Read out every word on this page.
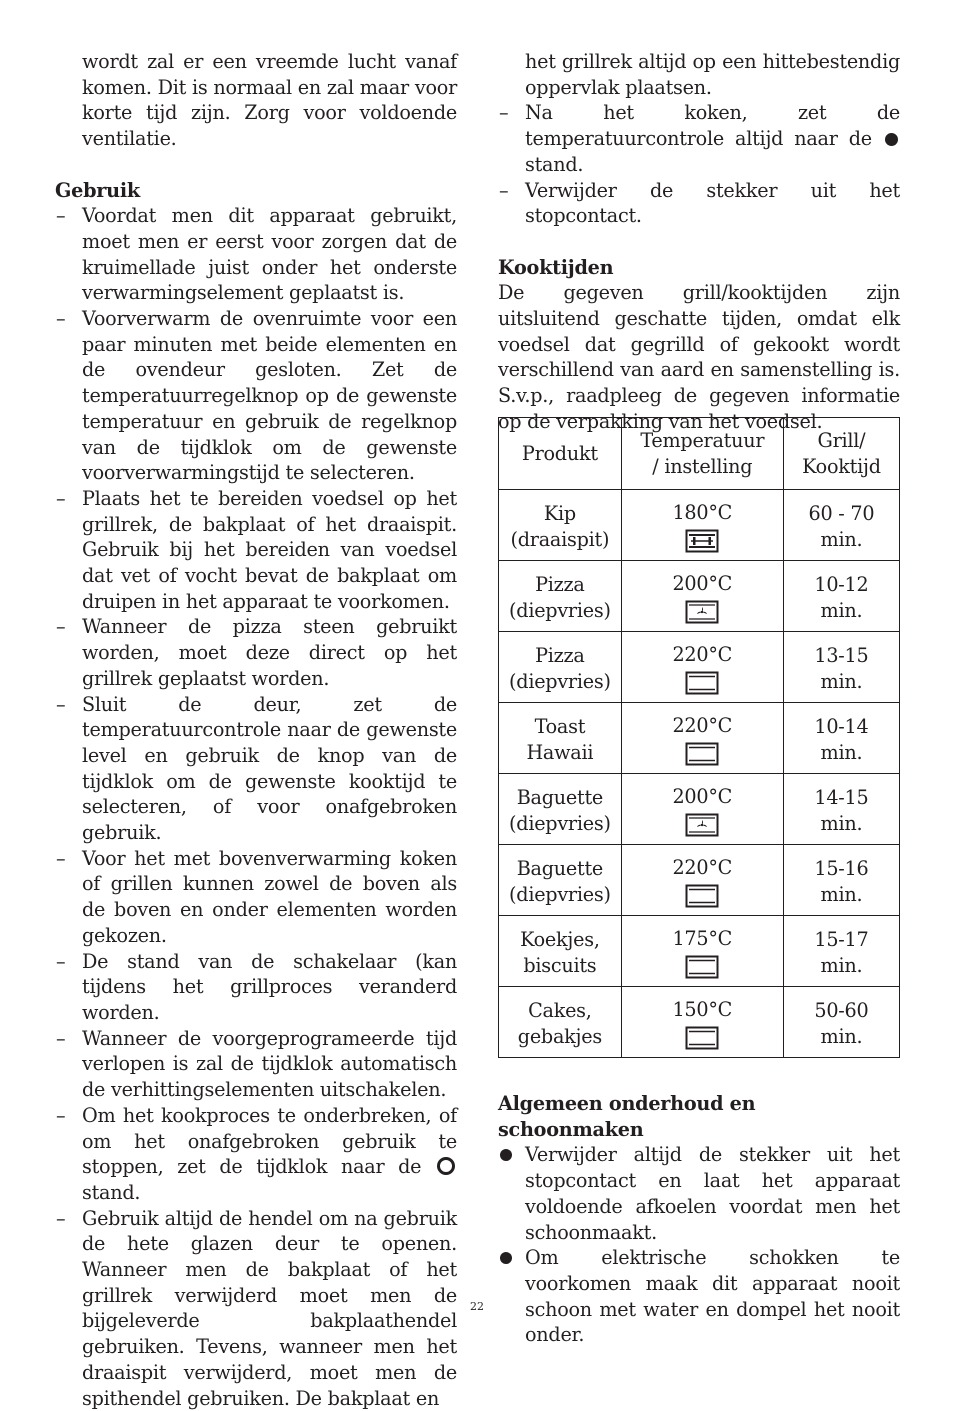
wordt zal er een vreemde lucht vanaf komen. Dit is normaal en zal maar voor korte tijd zijn. Zorg voor voldoende ventilatie.

Gebruik

– Voordat men dit apparaat gebruikt, moet men er eerst voor zorgen dat de kruimellade juist onder het onderste verwarmingselement geplaatst is.
– Voorverwarm de ovenruimte voor een paar minuten met beide elementen en de ovendeur gesloten. Zet de temperatuurregelknop op de gewenste temperatuur en gebruik de regelknop van de tijdklok om de gewenste voorverwarmingstijd te selecteren.
– Plaats het te bereiden voedsel op het grillrek, de bakplaat of het draaispit. Gebruik bij het bereiden van voedsel dat vet of vocht bevat de bakplaat om druipen in het apparaat te voorkomen.
– Wanneer de pizza steen gebruikt worden, moet deze direct op het grillrek geplaatst worden.
– Sluit de deur, zet de temperatuurcontrole naar de gewenste level en gebruik de knop van de tijdklok om de gewenste kooktijd te selecteren, of voor onafgebroken gebruik.
– Voor het met bovenverwarming koken of grillen kunnen zowel de boven als de boven en onder elementen worden gekozen.
– De stand van de schakelaar (kan tijdens het grillproces veranderd worden.
– Wanneer de voorgeprogrameerde tijd verlopen is zal de tijdklok automatisch de verhittingselementen uitschakelen.
– Om het kookproces te onderbreken, of om het onafgebroken gebruik te stoppen, zet de tijdklok naar de  stand.
– Gebruik altijd de hendel om na gebruik de hete glazen deur te openen. Wanneer men de bakplaat of het grillrek verwijderd moet men de bijgeleverde bakplaathendel gebruiken. Tevens, wanneer men het draaispit verwijderd, moet men de spithendel gebruiken. De bakplaat en

het grillrek altijd op een hittebestendig oppervlak plaatsen.

– Na het koken, zet de temperatuurcontrole altijd naar de  stand.
– Verwijder de stekker uit het stopcontact.

Kooktijden

De gegeven grill/kooktijden zijn uitsluitend geschatte tijden, omdat elk voedsel dat gegrilld of gekookt wordt verschillend van aard en samenstelling is. S.v.p., raadpleeg de gegeven informatie op de verpakking van het voedsel.

Produkt	Temperatuur / instelling	Grill/ Kooktijd
Kip (draaispit)	180°C	60 - 70 min.
Pizza (diepvries)	200°C	10-12 min.
Pizza (diepvries)	220°C	13-15 min.
Toast Hawaii	220°C	10-14 min.
Baguette (diepvries)	200°C	14-15 min.
Baguette (diepvries)	220°C	15-16 min.
Koekjes, biscuits	175°C	15-17 min.
Cakes, gebakjes	150°C	50-60 min.

Algemeen onderhoud en schoonmaken

Verwijder altijd de stekker uit het stopcontact en laat het apparaat voldoende afkoelen voordat men het schoonmaakt.
Om elektrische schokken te voorkomen maak dit apparaat nooit schoon met water en dompel het nooit onder.
22
